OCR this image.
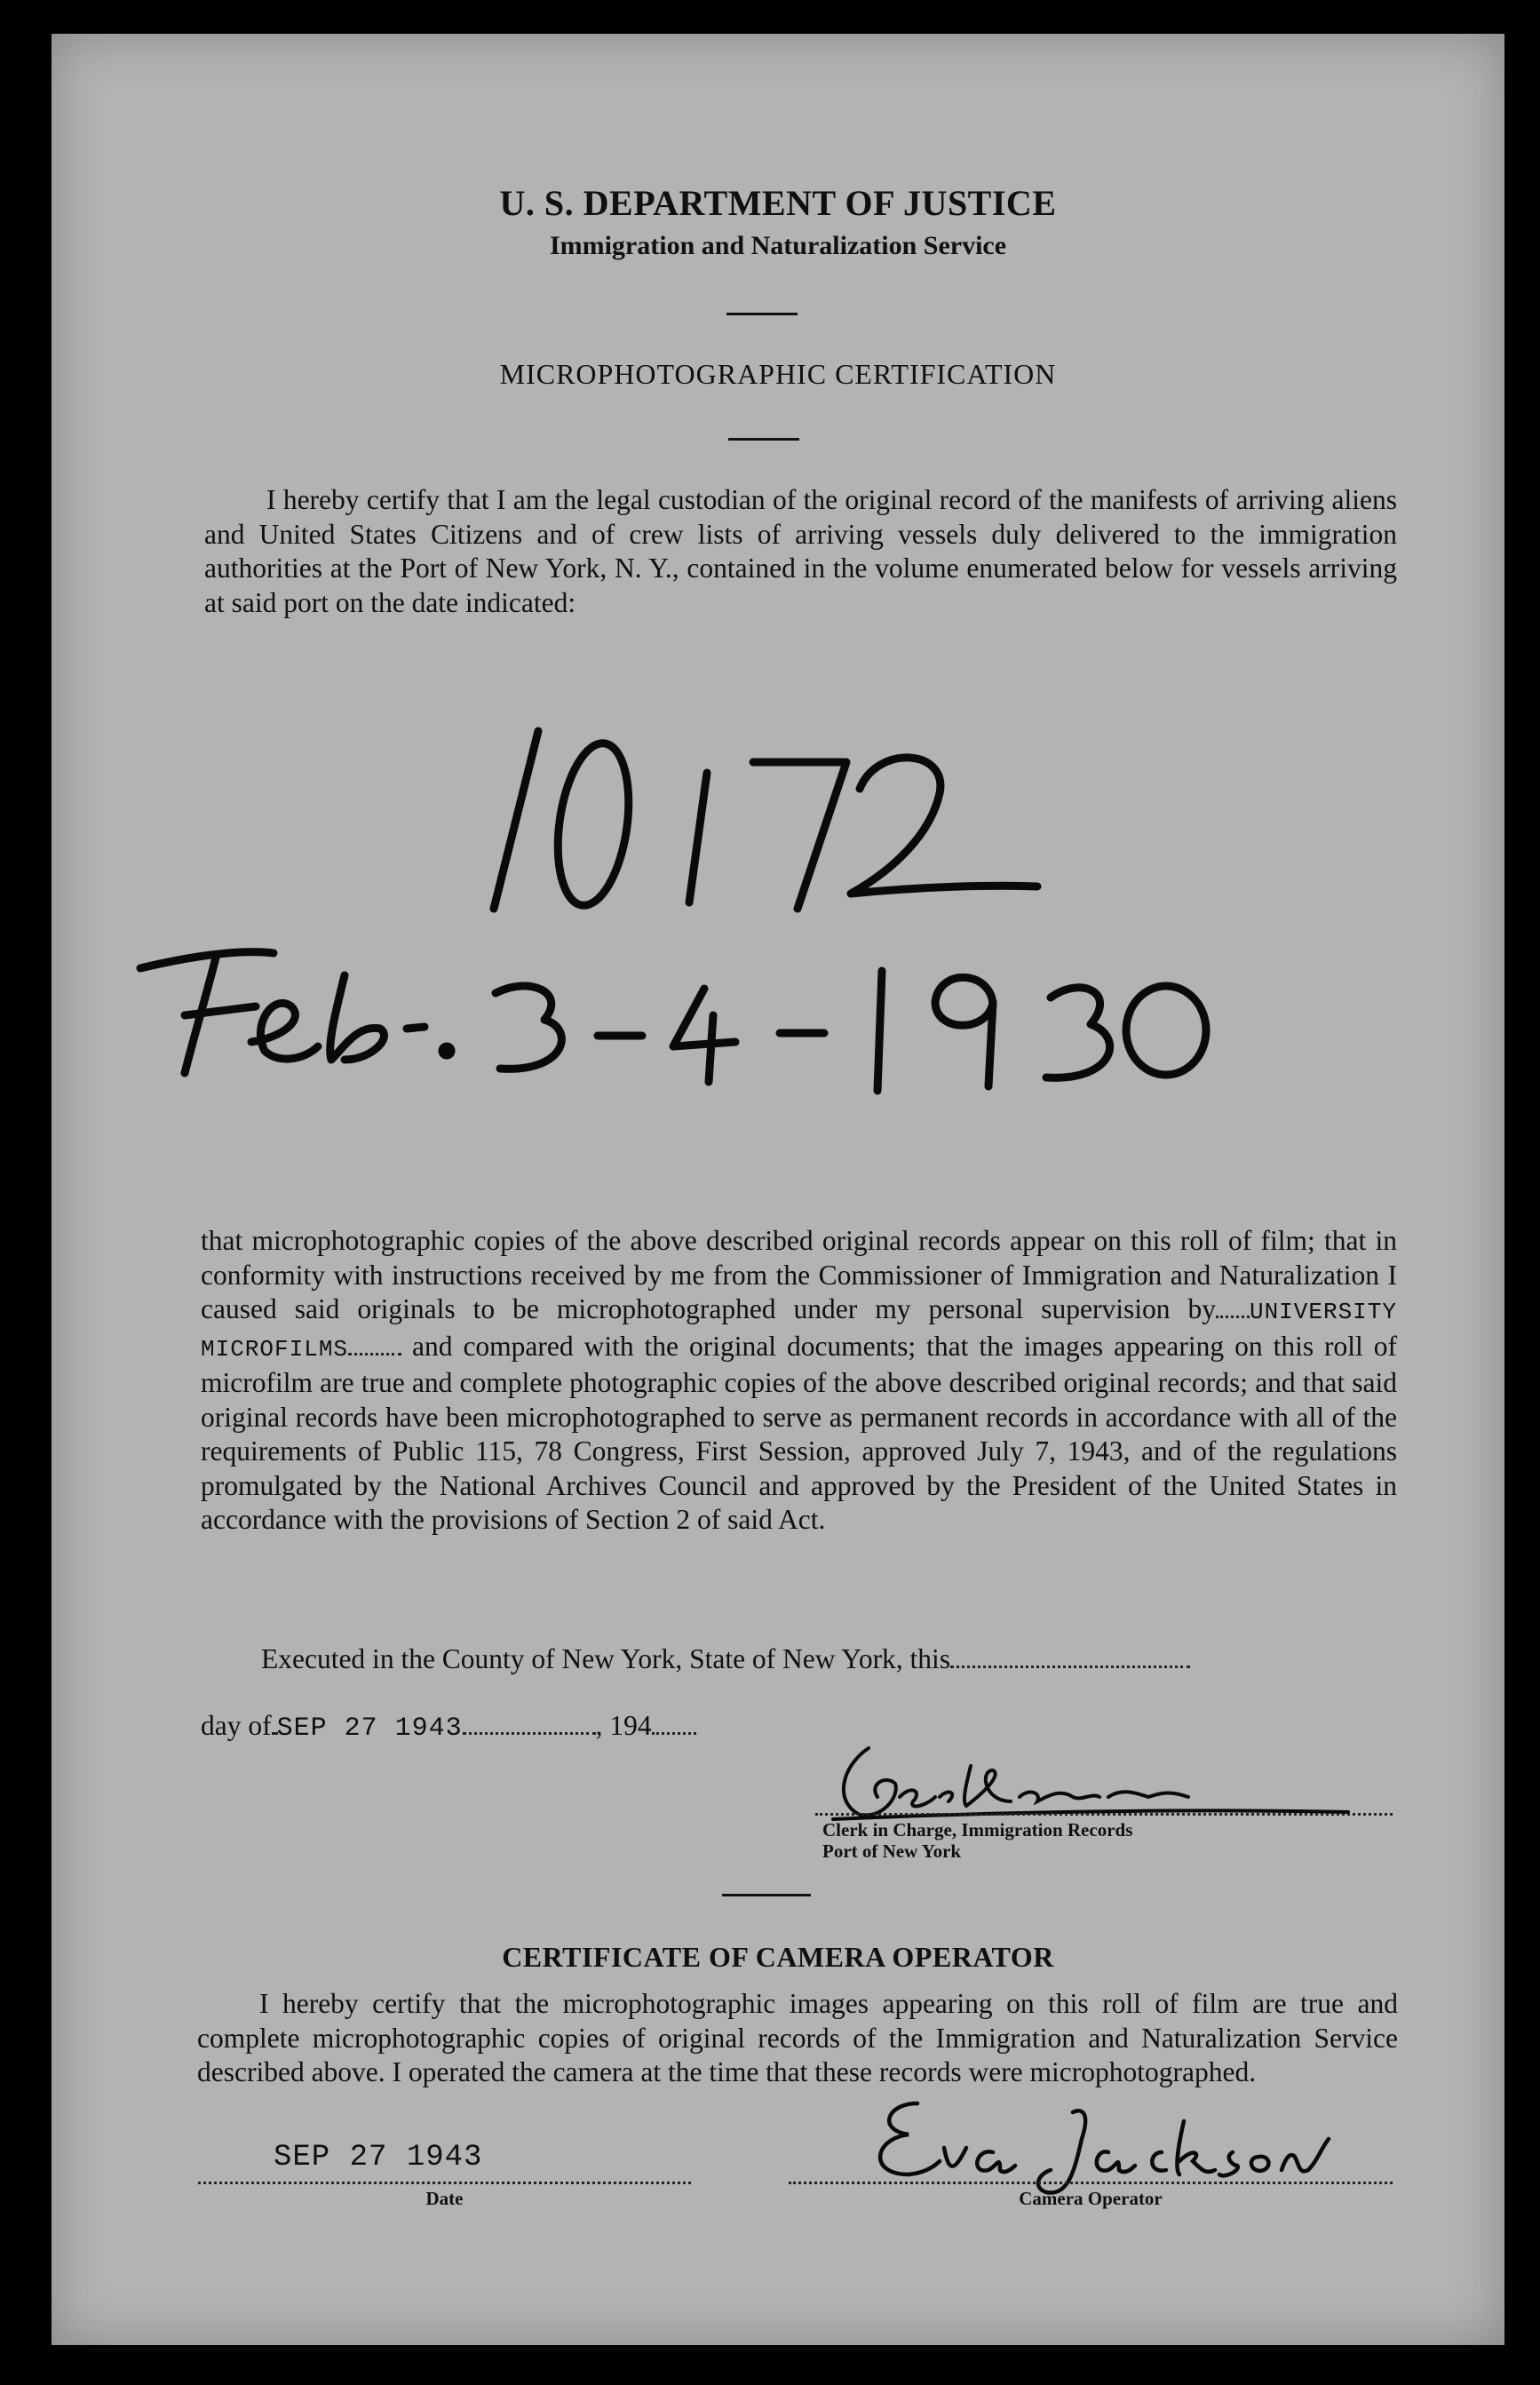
U. S. DEPARTMENT OF JUSTICE
Immigration and Naturalization Service
MICROPHOTOGRAPHIC CERTIFICATION
I hereby certify that I am the legal custodian of the original record of the manifests of arriving aliens and United States Citizens and of crew lists of arriving vessels duly delivered to the immigration authorities at the Port of New York, N. Y., contained in the volume enumerated below for vessels arriving at said port on the date indicated:
that microphotographic copies of the above described original records appear on this roll of film; that in conformity with instructions received by me from the Commissioner of Immigration and Naturalization I caused said originals to be microphotographed under my personal supervision by UNIVERSITY MICROFILMS and compared with the original documents; that the images appearing on this roll of microfilm are true and complete photographic copies of the above described original records; and that said original records have been microphotographed to serve as permanent records in accordance with all of the requirements of Public 115, 78 Congress, First Session, approved July 7, 1943, and of the regulations promulgated by the National Archives Council and approved by the President of the United States in accordance with the provisions of Section 2 of said Act.
Executed in the County of New York, State of New York, this
day of SEP 27 1943	, 194
Clerk in Charge, Immigration Records
Port of New York
CERTIFICATE OF CAMERA OPERATOR
I hereby certify that the microphotographic images appearing on this roll of film are true and complete microphotographic copies of original records of the Immigration and Naturalization Service described above. I operated the camera at the time that these records were microphotographed.
SEP 27 1943
Date	Camera Operator
